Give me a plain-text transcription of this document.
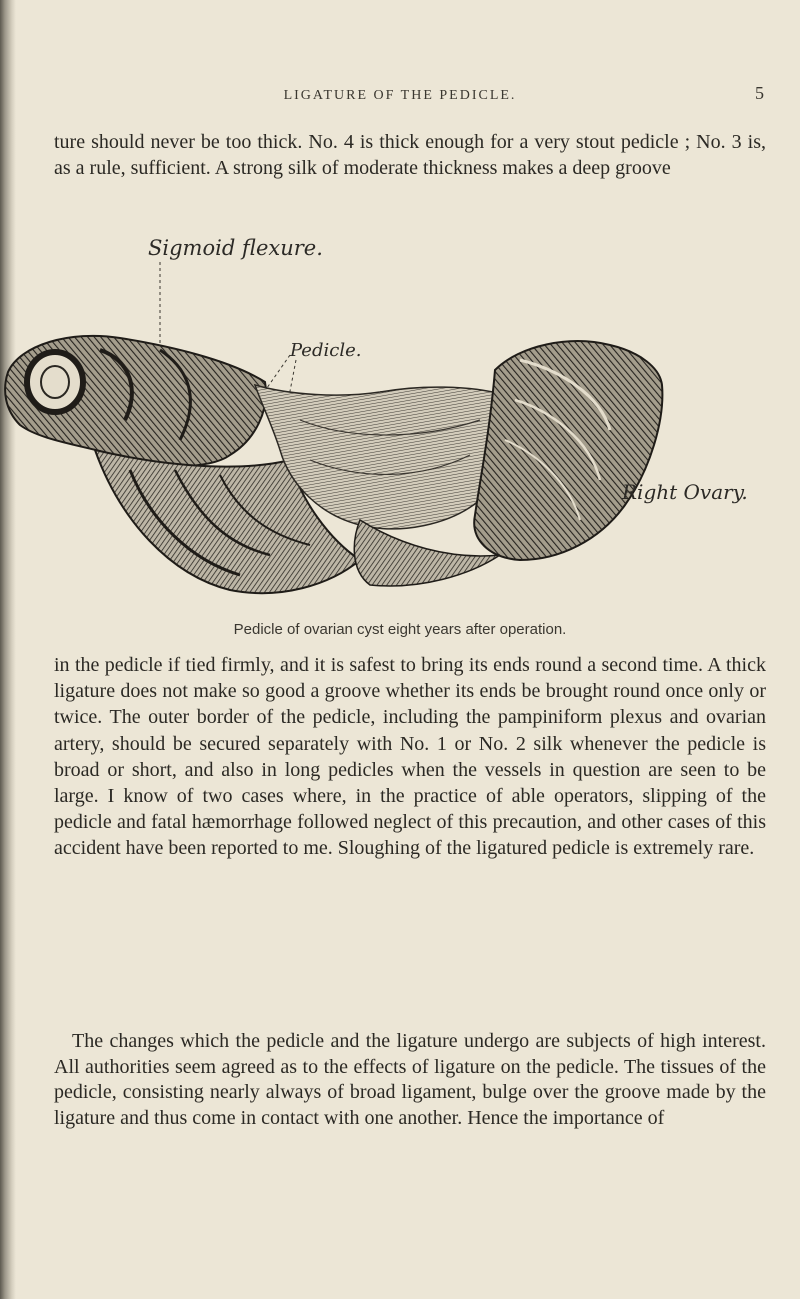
LIGATURE OF THE PEDICLE.	5

ture should never be too thick. No. 4 is thick enough for a very stout pedicle ; No. 3 is, as a rule, sufficient. A strong silk of moderate thickness makes a deep groove

Sigmoid flexure.
Pedicle.
Right Ovary.
Pedicle of ovarian cyst eight years after operation.

in the pedicle if tied firmly, and it is safest to bring its ends round a second time. A thick ligature does not make so good a groove whether its ends be brought round once only or twice. The outer border of the pedicle, including the pampiniform plexus and ovarian artery, should be secured separately with No. 1 or No. 2 silk whenever the pedicle is broad or short, and also in long pedicles when the vessels in question are seen to be large. I know of two cases where, in the practice of able operators, slipping of the pedicle and fatal hæmorrhage followed neglect of this precaution, and other cases of this accident have been reported to me. Sloughing of the ligatured pedicle is extremely rare.

The changes which the pedicle and the ligature undergo are subjects of high interest. All authorities seem agreed as to the effects of ligature on the pedicle. The tissues of the pedicle, consisting nearly always of broad ligament, bulge over the groove made by the ligature and thus come in contact with one another. Hence the importance of
